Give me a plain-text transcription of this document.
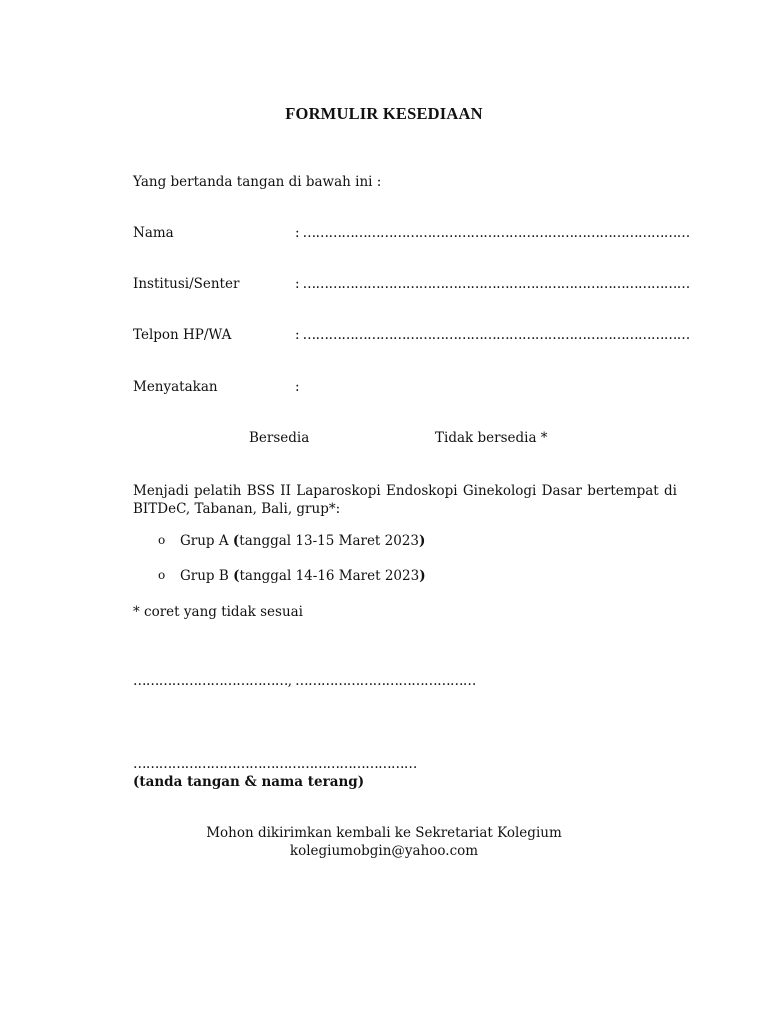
FORMULIR KESEDIAAN
Yang bertanda tangan di bawah ini :
Nama	: ………………………………………………………………………………
Institusi/Senter	: ………………………………………………………………………………
Telpon HP/WA	: ………………………………………………………………………………
Menyatakan	:
Bersedia	Tidak bersedia *
Menjadi pelatih BSS II Laparoskopi Endoskopi Ginekologi Dasar bertempat di
BITDeC, Tabanan, Bali, grup*:
o Grup A (tanggal 13-15 Maret 2023)
o Grup B (tanggal 14-16 Maret 2023)
* coret yang tidak sesuai
………………………………, ……………………………………
…………………………………………………………
(tanda tangan & nama terang)
Mohon dikirimkan kembali ke Sekretariat Kolegium
kolegiumobgin@yahoo.com
